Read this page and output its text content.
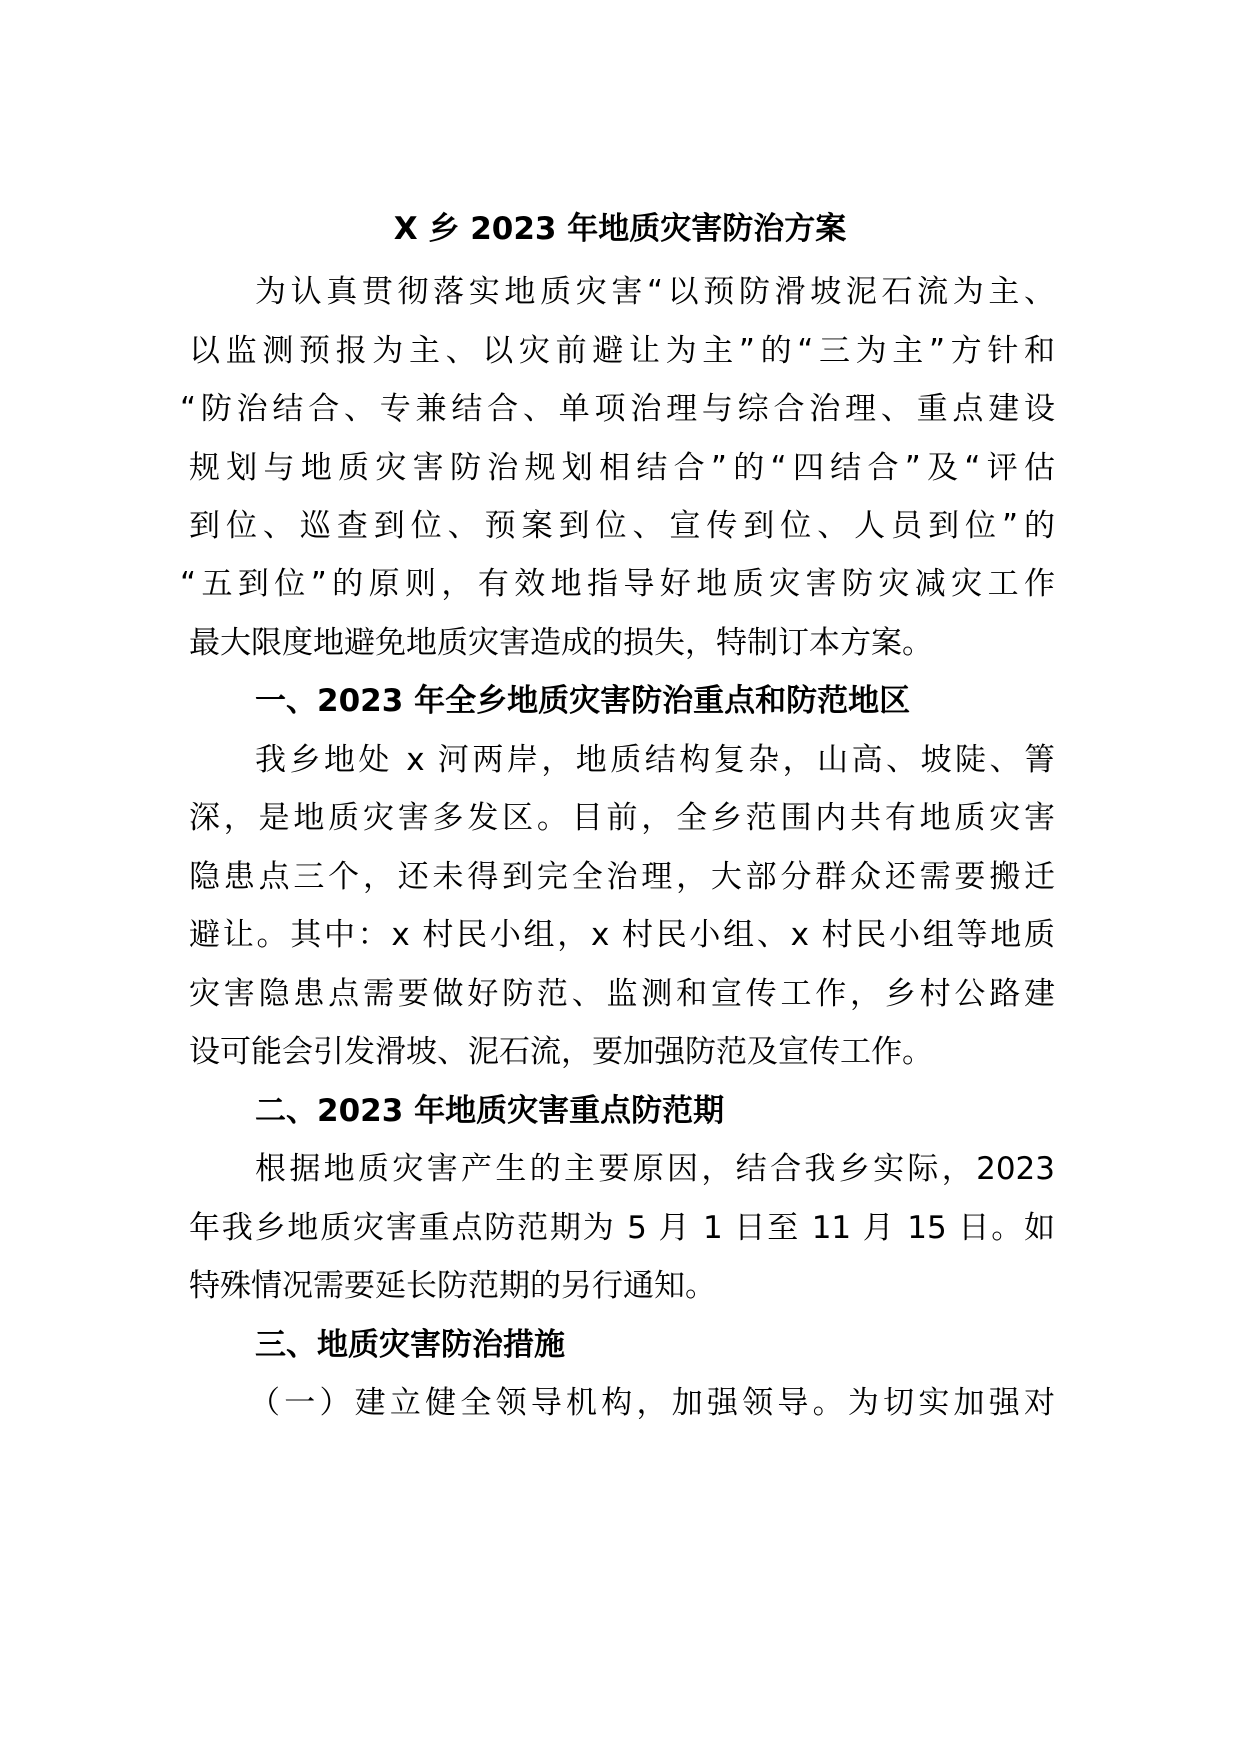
X 乡 2023 年地质灾害防治方案
为认真贯彻落实地质灾害“以预防滑坡泥石流为主、
以监测预报为主、以灾前避让为主”的“三为主”方针和
“防治结合、专兼结合、单项治理与综合治理、重点建设
规划与地质灾害防治规划相结合”的“四结合”及“评估
到位、巡查到位、预案到位、宣传到位、人员到位”的
“五到位”的原则，有效地指导好地质灾害防灾减灾工作
最大限度地避免地质灾害造成的损失，特制订本方案。
一、2023 年全乡地质灾害防治重点和防范地区
我乡地处 x 河两岸，地质结构复杂，山高、坡陡、箐
深，是地质灾害多发区。目前，全乡范围内共有地质灾害
隐患点三个，还未得到完全治理，大部分群众还需要搬迁
避让。其中：x 村民小组，x 村民小组、x 村民小组等地质
灾害隐患点需要做好防范、监测和宣传工作，乡村公路建
设可能会引发滑坡、泥石流，要加强防范及宣传工作。
二、2023 年地质灾害重点防范期
根据地质灾害产生的主要原因，结合我乡实际，2023
年我乡地质灾害重点防范期为 5 月 1 日至 11 月 15 日。如
特殊情况需要延长防范期的另行通知。
三、地质灾害防治措施
（一）建立健全领导机构，加强领导。为切实加强对
